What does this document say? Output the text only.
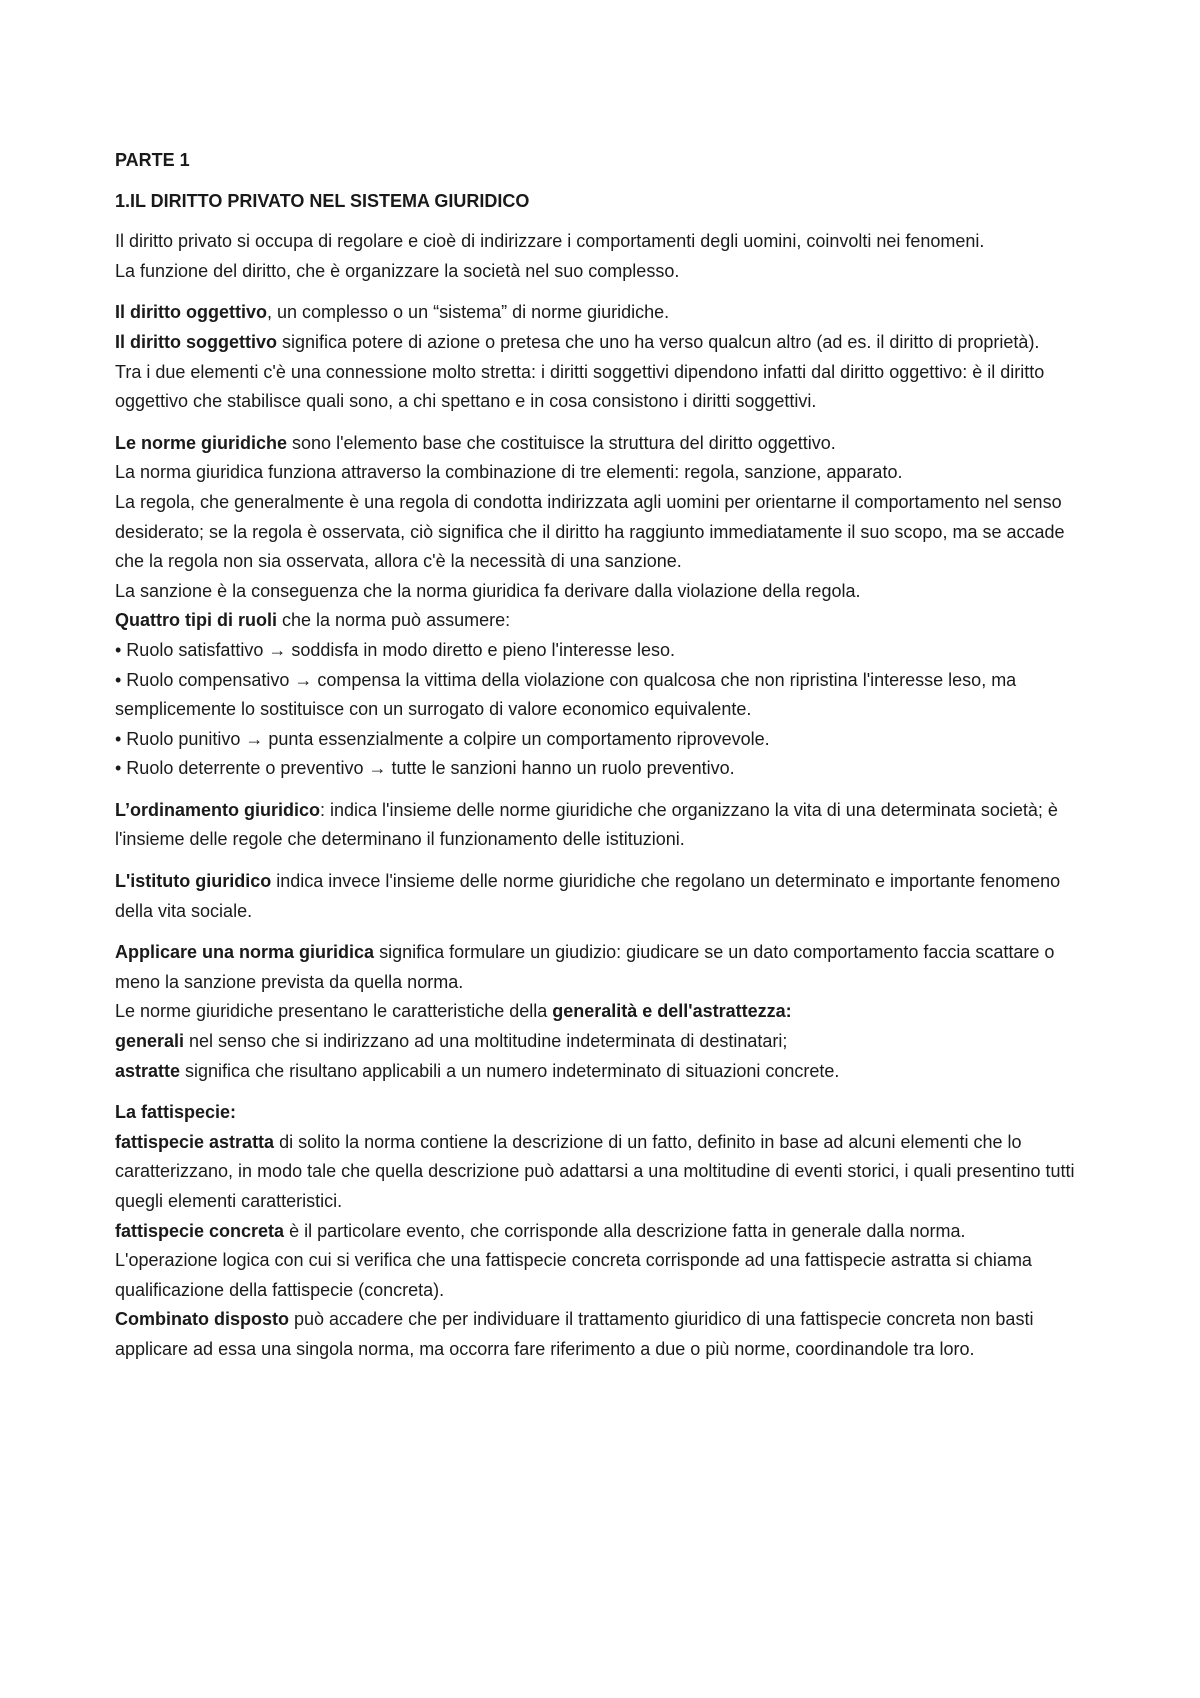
PARTE 1

1.IL DIRITTO PRIVATO NEL SISTEMA GIURIDICO

Il diritto privato si occupa di regolare e cioè di indirizzare i comportamenti degli uomini, coinvolti nei fenomeni.

La funzione del diritto, che è organizzare la società nel suo complesso.

Il diritto oggettivo, un complesso o un “sistema” di norme giuridiche.

Il diritto soggettivo significa potere di azione o pretesa che uno ha verso qualcun altro (ad es. il diritto di proprietà).

Tra i due elementi c'è una connessione molto stretta: i diritti soggettivi dipendono infatti dal diritto oggettivo: è il diritto oggettivo che stabilisce quali sono, a chi spettano e in cosa consistono i diritti soggettivi.

Le norme giuridiche sono l'elemento base che costituisce la struttura del diritto oggettivo.

La norma giuridica funziona attraverso la combinazione di tre elementi: regola, sanzione, apparato.

La regola, che generalmente è una regola di condotta indirizzata agli uomini per orientarne il comportamento nel senso desiderato; se la regola è osservata, ciò significa che il diritto ha raggiunto immediatamente il suo scopo, ma se accade che la regola non sia osservata, allora c'è la necessità di una sanzione.

La sanzione è la conseguenza che la norma giuridica fa derivare dalla violazione della regola.

Quattro tipi di ruoli che la norma può assumere:

• Ruolo satisfattivo → soddisfa in modo diretto e pieno l'interesse leso.

• Ruolo compensativo → compensa la vittima della violazione con qualcosa che non ripristina l'interesse leso, ma semplicemente lo sostituisce con un surrogato di valore economico equivalente.

• Ruolo punitivo → punta essenzialmente a colpire un comportamento riprovevole.

• Ruolo deterrente o preventivo → tutte le sanzioni hanno un ruolo preventivo.

L’ordinamento giuridico: indica l'insieme delle norme giuridiche che organizzano la vita di una determinata società; è l'insieme delle regole che determinano il funzionamento delle istituzioni.

L'istituto giuridico indica invece l'insieme delle norme giuridiche che regolano un determinato e importante fenomeno della vita sociale.

Applicare una norma giuridica significa formulare un giudizio: giudicare se un dato comportamento faccia scattare o meno la sanzione prevista da quella norma.

Le norme giuridiche presentano le caratteristiche della generalità e dell'astrattezza:

generali nel senso che si indirizzano ad una moltitudine indeterminata di destinatari;

astratte significa che risultano applicabili a un numero indeterminato di situazioni concrete.

La fattispecie:

fattispecie astratta di solito la norma contiene la descrizione di un fatto, definito in base ad alcuni elementi che lo caratterizzano, in modo tale che quella descrizione può adattarsi a una moltitudine di eventi storici, i quali presentino tutti quegli elementi caratteristici.

fattispecie concreta è il particolare evento, che corrisponde alla descrizione fatta in generale dalla norma.

L'operazione logica con cui si verifica che una fattispecie concreta corrisponde ad una fattispecie astratta si chiama qualificazione della fattispecie (concreta).

Combinato disposto può accadere che per individuare il trattamento giuridico di una fattispecie concreta non basti applicare ad essa una singola norma, ma occorra fare riferimento a due o più norme, coordinandole tra loro.
